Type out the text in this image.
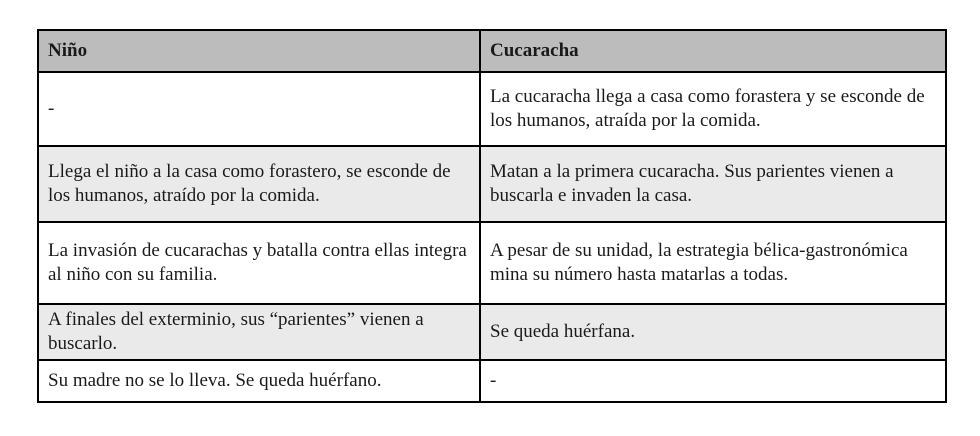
Niño	Cucaracha
-	La cucaracha llega a casa como forastera y se esconde de los humanos, atraída por la comida.
Llega el niño a la casa como forastero, se esconde de los humanos, atraído por la comida.	Matan a la primera cucaracha. Sus parientes vienen a buscarla e invaden la casa.
La invasión de cucarachas y batalla contra ellas integra al niño con su familia.	A pesar de su unidad, la estrategia bélica-gastronómica mina su número hasta matarlas a todas.
A finales del exterminio, sus “parientes” vienen a buscarlo.	Se queda huérfana.
Su madre no se lo lleva. Se queda huérfano.	-
